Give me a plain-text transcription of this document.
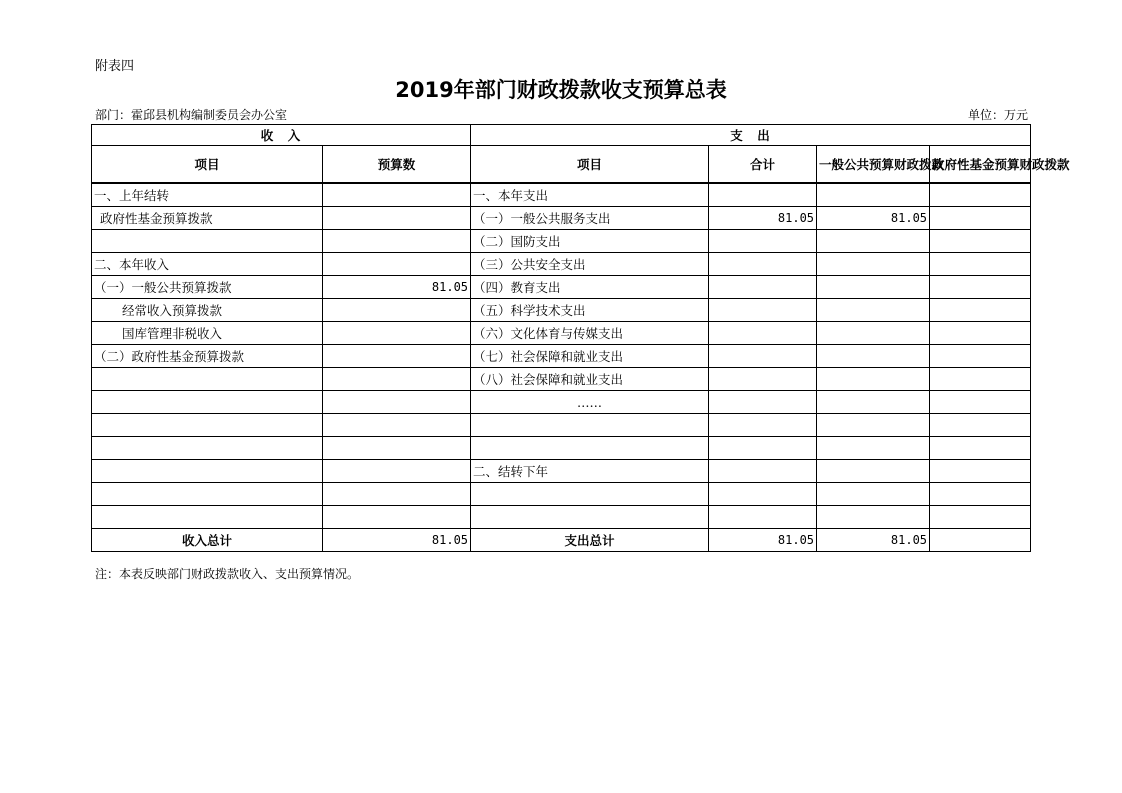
附表四
2019年部门财政拨款收支预算总表
部门：霍邱县机构编制委员会办公室	单位：万元
收　入		支　出			
项目	预算数	项目	合计	一般公共预算财政拨款	政府性基金预算财政拨款
一、上年结转		一、本年支出			
政府性基金预算拨款		（一）一般公共服务支出	81.05	81.05	
		（二）国防支出			
二、本年收入		（三）公共安全支出			
（一）一般公共预算拨款	81.05	（四）教育支出			
经常收入预算拨款		（五）科学技术支出			
国库管理非税收入		（六）文化体育与传媒支出			
（二）政府性基金预算拨款		（七）社会保障和就业支出			
		（八）社会保障和就业支出			
		……			

		二、结转下年			

收入总计	81.05	支出总计	81.05	81.05	
注：本表反映部门财政拨款收入、支出预算情况。
